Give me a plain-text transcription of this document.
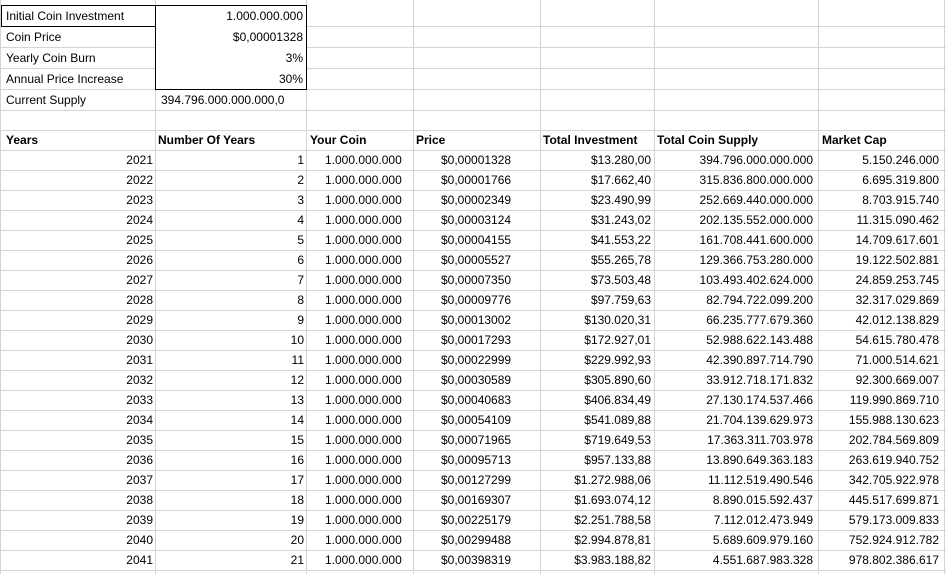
Initial Coin Investment	1.000.000.000
Coin Price	$0,00001328
Yearly Coin Burn	3%
Annual Price Increase	30%
Current Supply	394.796.000.000.000,0
Years	Number Of Years	Your Coin	Price	Total Investment	Total Coin Supply	Market Cap
2021	1	1.000.000.000	$0,00001328	$13.280,00	394.796.000.000.000	5.150.246.000
2022	2	1.000.000.000	$0,00001766	$17.662,40	315.836.800.000.000	6.695.319.800
2023	3	1.000.000.000	$0,00002349	$23.490,99	252.669.440.000.000	8.703.915.740
2024	4	1.000.000.000	$0,00003124	$31.243,02	202.135.552.000.000	11.315.090.462
2025	5	1.000.000.000	$0,00004155	$41.553,22	161.708.441.600.000	14.709.617.601
2026	6	1.000.000.000	$0,00005527	$55.265,78	129.366.753.280.000	19.122.502.881
2027	7	1.000.000.000	$0,00007350	$73.503,48	103.493.402.624.000	24.859.253.745
2028	8	1.000.000.000	$0,00009776	$97.759,63	82.794.722.099.200	32.317.029.869
2029	9	1.000.000.000	$0,00013002	$130.020,31	66.235.777.679.360	42.012.138.829
2030	10	1.000.000.000	$0,00017293	$172.927,01	52.988.622.143.488	54.615.780.478
2031	11	1.000.000.000	$0,00022999	$229.992,93	42.390.897.714.790	71.000.514.621
2032	12	1.000.000.000	$0,00030589	$305.890,60	33.912.718.171.832	92.300.669.007
2033	13	1.000.000.000	$0,00040683	$406.834,49	27.130.174.537.466	119.990.869.710
2034	14	1.000.000.000	$0,00054109	$541.089,88	21.704.139.629.973	155.988.130.623
2035	15	1.000.000.000	$0,00071965	$719.649,53	17.363.311.703.978	202.784.569.809
2036	16	1.000.000.000	$0,00095713	$957.133,88	13.890.649.363.183	263.619.940.752
2037	17	1.000.000.000	$0,00127299	$1.272.988,06	11.112.519.490.546	342.705.922.978
2038	18	1.000.000.000	$0,00169307	$1.693.074,12	8.890.015.592.437	445.517.699.871
2039	19	1.000.000.000	$0,00225179	$2.251.788,58	7.112.012.473.949	579.173.009.833
2040	20	1.000.000.000	$0,00299488	$2.994.878,81	5.689.609.979.160	752.924.912.782
2041	21	1.000.000.000	$0,00398319	$3.983.188,82	4.551.687.983.328	978.802.386.617
